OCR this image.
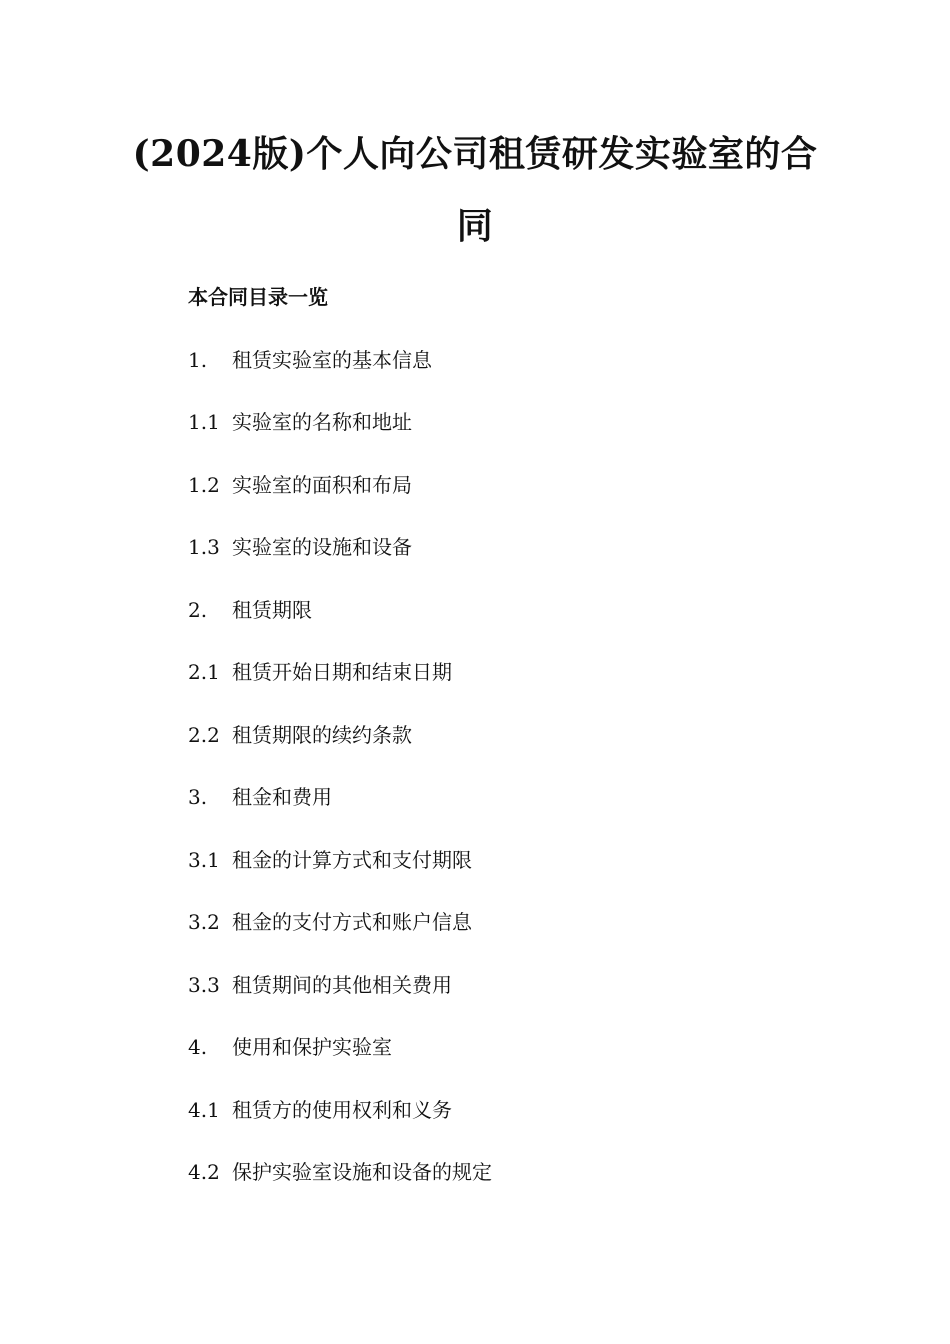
(2024版)个人向公司租赁研发实验室的合同
本合同目录一览
1. 租赁实验室的基本信息
1.1 实验室的名称和地址
1.2 实验室的面积和布局
1.3 实验室的设施和设备
2. 租赁期限
2.1 租赁开始日期和结束日期
2.2 租赁期限的续约条款
3. 租金和费用
3.1 租金的计算方式和支付期限
3.2 租金的支付方式和账户信息
3.3 租赁期间的其他相关费用
4. 使用和保护实验室
4.1 租赁方的使用权利和义务
4.2 保护实验室设施和设备的规定
